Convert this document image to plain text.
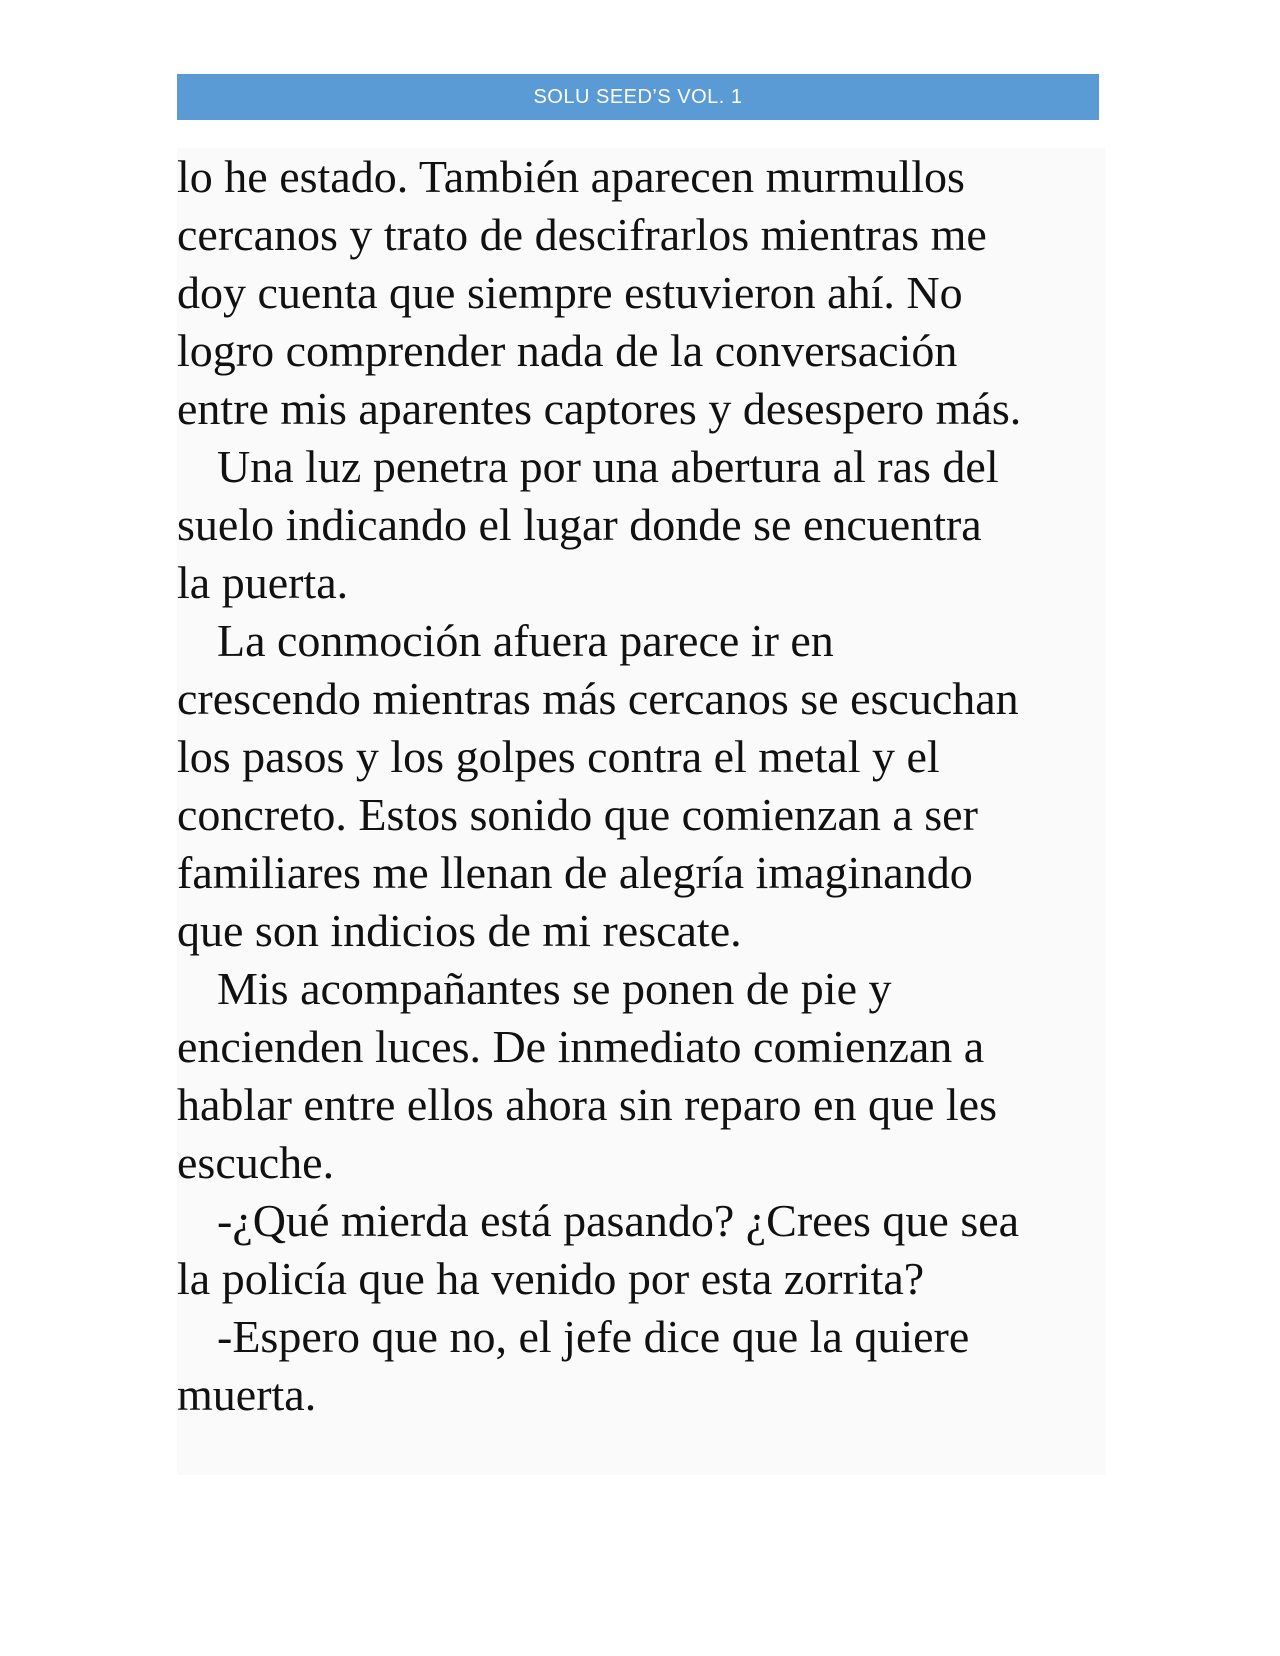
SOLU SEED’S VOL. 1

lo he estado. También aparecen murmullos
cercanos y trato de descifrarlos mientras me
doy cuenta que siempre estuvieron ahí. No
logro comprender nada de la conversación
entre mis aparentes captores y desespero más.

Una luz penetra por una abertura al ras del
suelo indicando el lugar donde se encuentra
la puerta.

La conmoción afuera parece ir en
crescendo mientras más cercanos se escuchan
los pasos y los golpes contra el metal y el
concreto. Estos sonido que comienzan a ser
familiares me llenan de alegría imaginando
que son indicios de mi rescate.

Mis acompañantes se ponen de pie y
encienden luces. De inmediato comienzan a
hablar entre ellos ahora sin reparo en que les
escuche.

-¿Qué mierda está pasando? ¿Crees que sea
la policía que ha venido por esta zorrita?

-Espero que no, el jefe dice que la quiere
muerta.
